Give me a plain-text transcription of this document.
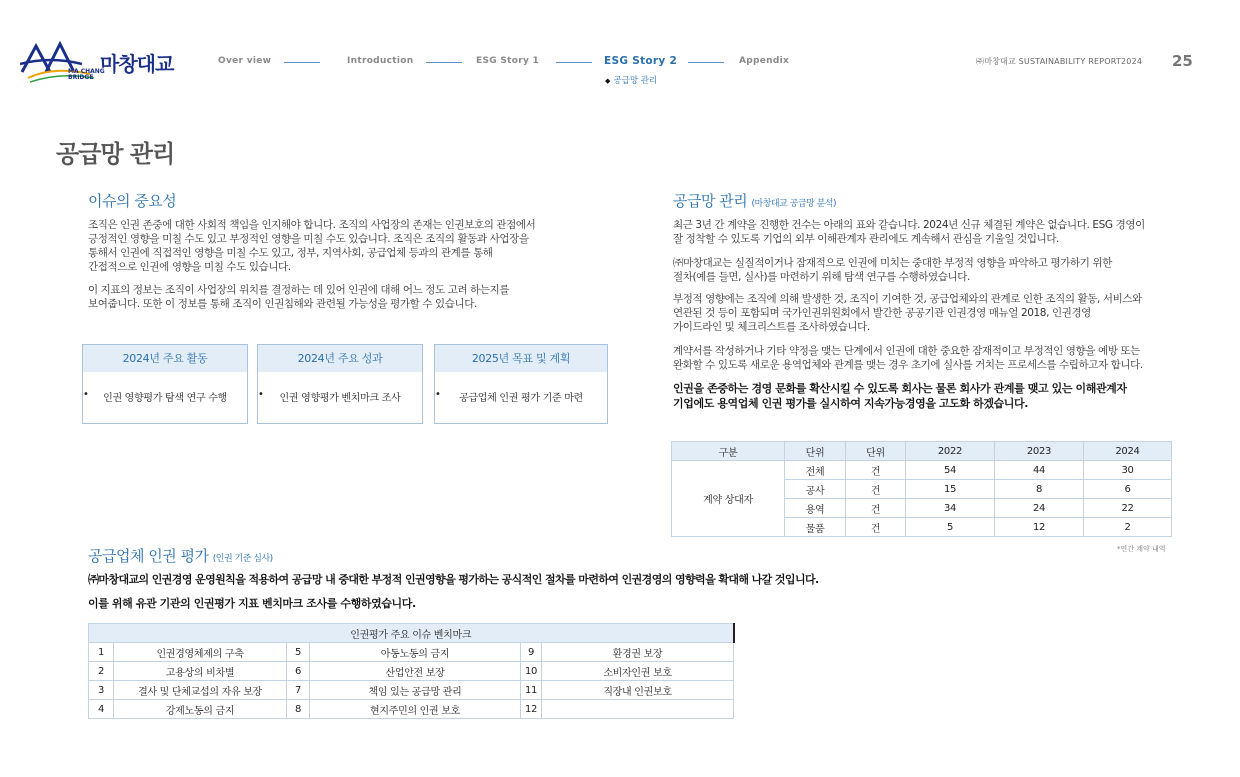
마창대교
MA CHANG
BRIDGE
Over view	Introduction	ESG Story 1	ESG Story 2	Appendix
◆ 공급망 관리
㈜마창대교 SUSTAINABILITY REPORT2024 25
공급망 관리
이슈의 중요성
조직은 인권 존중에 대한 사회적 책임을 인지해야 합니다. 조직의 사업장의 존재는 인권보호의 관점에서
긍정적인 영향을 미칠 수도 있고 부정적인 영향을 미칠 수도 있습니다. 조직은 조직의 활동과 사업장을
통해서 인권에 직접적인 영향을 미칠 수도 있고, 정부, 지역사회, 공급업체 등과의 관계를 통해
간접적으로 인권에 영향을 미칠 수도 있습니다.
이 지표의 정보는 조직이 사업장의 위치를 결정하는 데 있어 인권에 대해 어느 정도 고려 하는지를
보여줍니다. 또한 이 정보를 통해 조직이 인권침해와 관련될 가능성을 평가할 수 있습니다.
2024년 주요 활동
•	인권 영향평가 탐색 연구 수행
2024년 주요 성과
•	인권 영향평가 벤치마크 조사
2025년 목표 및 계획
•	공급업체 인권 평가 기준 마련
공급망 관리 (마창대교 공급망 분석)
최근 3년 간 계약을 진행한 건수는 아래의 표와 같습니다. 2024년 신규 체결된 계약은 없습니다. ESG 경영이
잘 정착할 수 있도록 기업의 외부 이해관계자 관리에도 계속해서 관심을 기울일 것입니다.
㈜마창대교는 실질적이거나 잠재적으로 인권에 미치는 중대한 부정적 영향을 파악하고 평가하기 위한
절차(예를 들면, 실사)를 마련하기 위해 탐색 연구를 수행하였습니다.
부정적 영향에는 조직에 의해 발생한 것, 조직이 기여한 것, 공급업체와의 관계로 인한 조직의 활동, 서비스와
연관된 것 등이 포함되며 국가인권위원회에서 발간한 공공기관 인권경영 매뉴얼 2018, 인권경영
가이드라인 및 체크리스트를 조사하였습니다.
계약서를 작성하거나 기타 약정을 맺는 단계에서 인권에 대한 중요한 잠재적이고 부정적인 영향을 예방 또는
완화할 수 있도록 새로운 용역업체와 관계를 맺는 경우 초기에 실사를 거치는 프로세스를 수립하고자 합니다.
인권을 존중하는 경영 문화를 확산시킬 수 있도록 회사는 물론 회사가 관계를 맺고 있는 이해관계자
기업에도 용역업체 인권 평가를 실시하여 지속가능경영을 고도화 하겠습니다.
구분	단위	단위	2022	2023	2024
계약 상대자	전체	건	54	44	30
	공사	건	15	8	6
	용역	건	34	24	22
	물품	건	5	12	2
*연간 계약 내역
공급업체 인권 평가 (인권 기준 심사)
㈜마창대교의 인권경영 운영원칙을 적용하여 공급망 내 중대한 부정적 인권영향을 평가하는 공식적인 절차를 마련하여 인권경영의 영향력을 확대해 나갈 것입니다.
이를 위해 유관 기관의 인권평가 지표 벤치마크 조사를 수행하였습니다.
인권평가 주요 이슈 벤치마크					
1	인권경영체제의 구축	5	아동노동의 금지	9	환경권 보장
2	고용상의 비차별	6	산업안전 보장	10	소비자인권 보호
3	결사 및 단체교섭의 자유 보장	7	책임 있는 공급망 관리	11	직장내 인권보호
4	강제노동의 금지	8	현지주민의 인권 보호	12	
